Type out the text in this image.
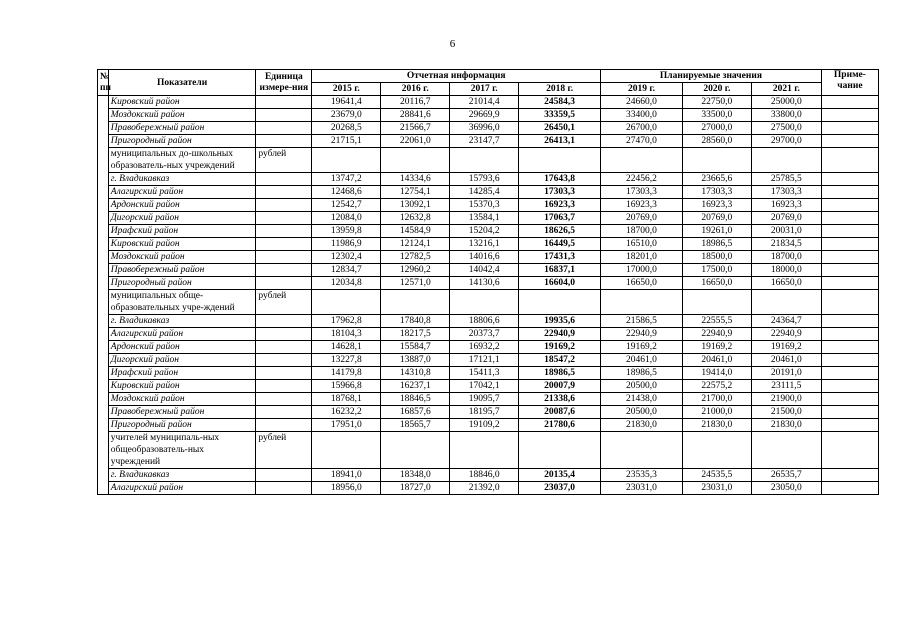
6
№ пп	Показатели	Единица измере-ния	Отчетная информация				Планируемые значения			Приме-чание
			2015 г.	2016 г.	2017 г.	2018 г.	2019 г.	2020 г.	2021 г.	
	Кировский район		19641,4	20116,7	21014,4	24584,3	24660,0	22750,0	25000,0	
	Моздокский район		23679,0	28841,6	29669,9	33359,5	33400,0	33500,0	33800,0	
	Правобережный район		20268,5	21566,7	36996,0	26450,1	26700,0	27000,0	27500,0	
	Пригородный район		21715,1	22061,0	23147,7	26413,1	27470,0	28560,0	29700,0	
	муниципальных до-школьных образователь-ных учреждений	рублей								
	г. Владикавказ		13747,2	14334,6	15793,6	17643,8	22456,2	23665,6	25785,5	
	Алагирский район		12468,6	12754,1	14285,4	17303,3	17303,3	17303,3	17303,3	
	Ардонский район		12542,7	13092,1	15370,3	16923,3	16923,3	16923,3	16923,3	
	Дигорский район		12084,0	12632,8	13584,1	17063,7	20769,0	20769,0	20769,0	
	Ирафский район		13959,8	14584,9	15204,2	18626,5	18700,0	19261,0	20031,0	
	Кировский район		11986,9	12124,1	13216,1	16449,5	16510,0	18986,5	21834,5	
	Моздокский район		12302,4	12782,5	14016,6	17431,3	18201,0	18500,0	18700,0	
	Правобережный район		12834,7	12960,2	14042,4	16837,1	17000,0	17500,0	18000,0	
	Пригородный район		12034,8	12571,0	14130,6	16604,0	16650,0	16650,0	16650,0	
	муниципальных обще-образовательных учре-ждений	рублей								
	г. Владикавказ		17962,8	17840,8	18806,6	19935,6	21586,5	22555,5	24364,7	
	Алагирский район		18104,3	18217,5	20373,7	22940,9	22940,9	22940,9	22940,9	
	Ардонский район		14628,1	15584,7	16932,2	19169,2	19169,2	19169,2	19169,2	
	Дигорский район		13227,8	13887,0	17121,1	18547,2	20461,0	20461,0	20461,0	
	Ирафский район		14179,8	14310,8	15411,3	18986,5	18986,5	19414,0	20191,0	
	Кировский район		15966,8	16237,1	17042,1	20007,9	20500,0	22575,2	23111,5	
	Моздокский район		18768,1	18846,5	19095,7	21338,6	21438,0	21700,0	21900,0	
	Правобережный район		16232,2	16857,6	18195,7	20087,6	20500,0	21000,0	21500,0	
	Пригородный район		17951,0	18565,7	19109,2	21780,6	21830,0	21830,0	21830,0	
	учителей муниципаль-ных общеобразователь-ных учреждений	рублей								
	г. Владикавказ		18941,0	18348,0	18846,0	20135,4	23535,3	24535,5	26535,7	
	Алагирский район		18956,0	18727,0	21392,0	23037,0	23031,0	23031,0	23050,0	
